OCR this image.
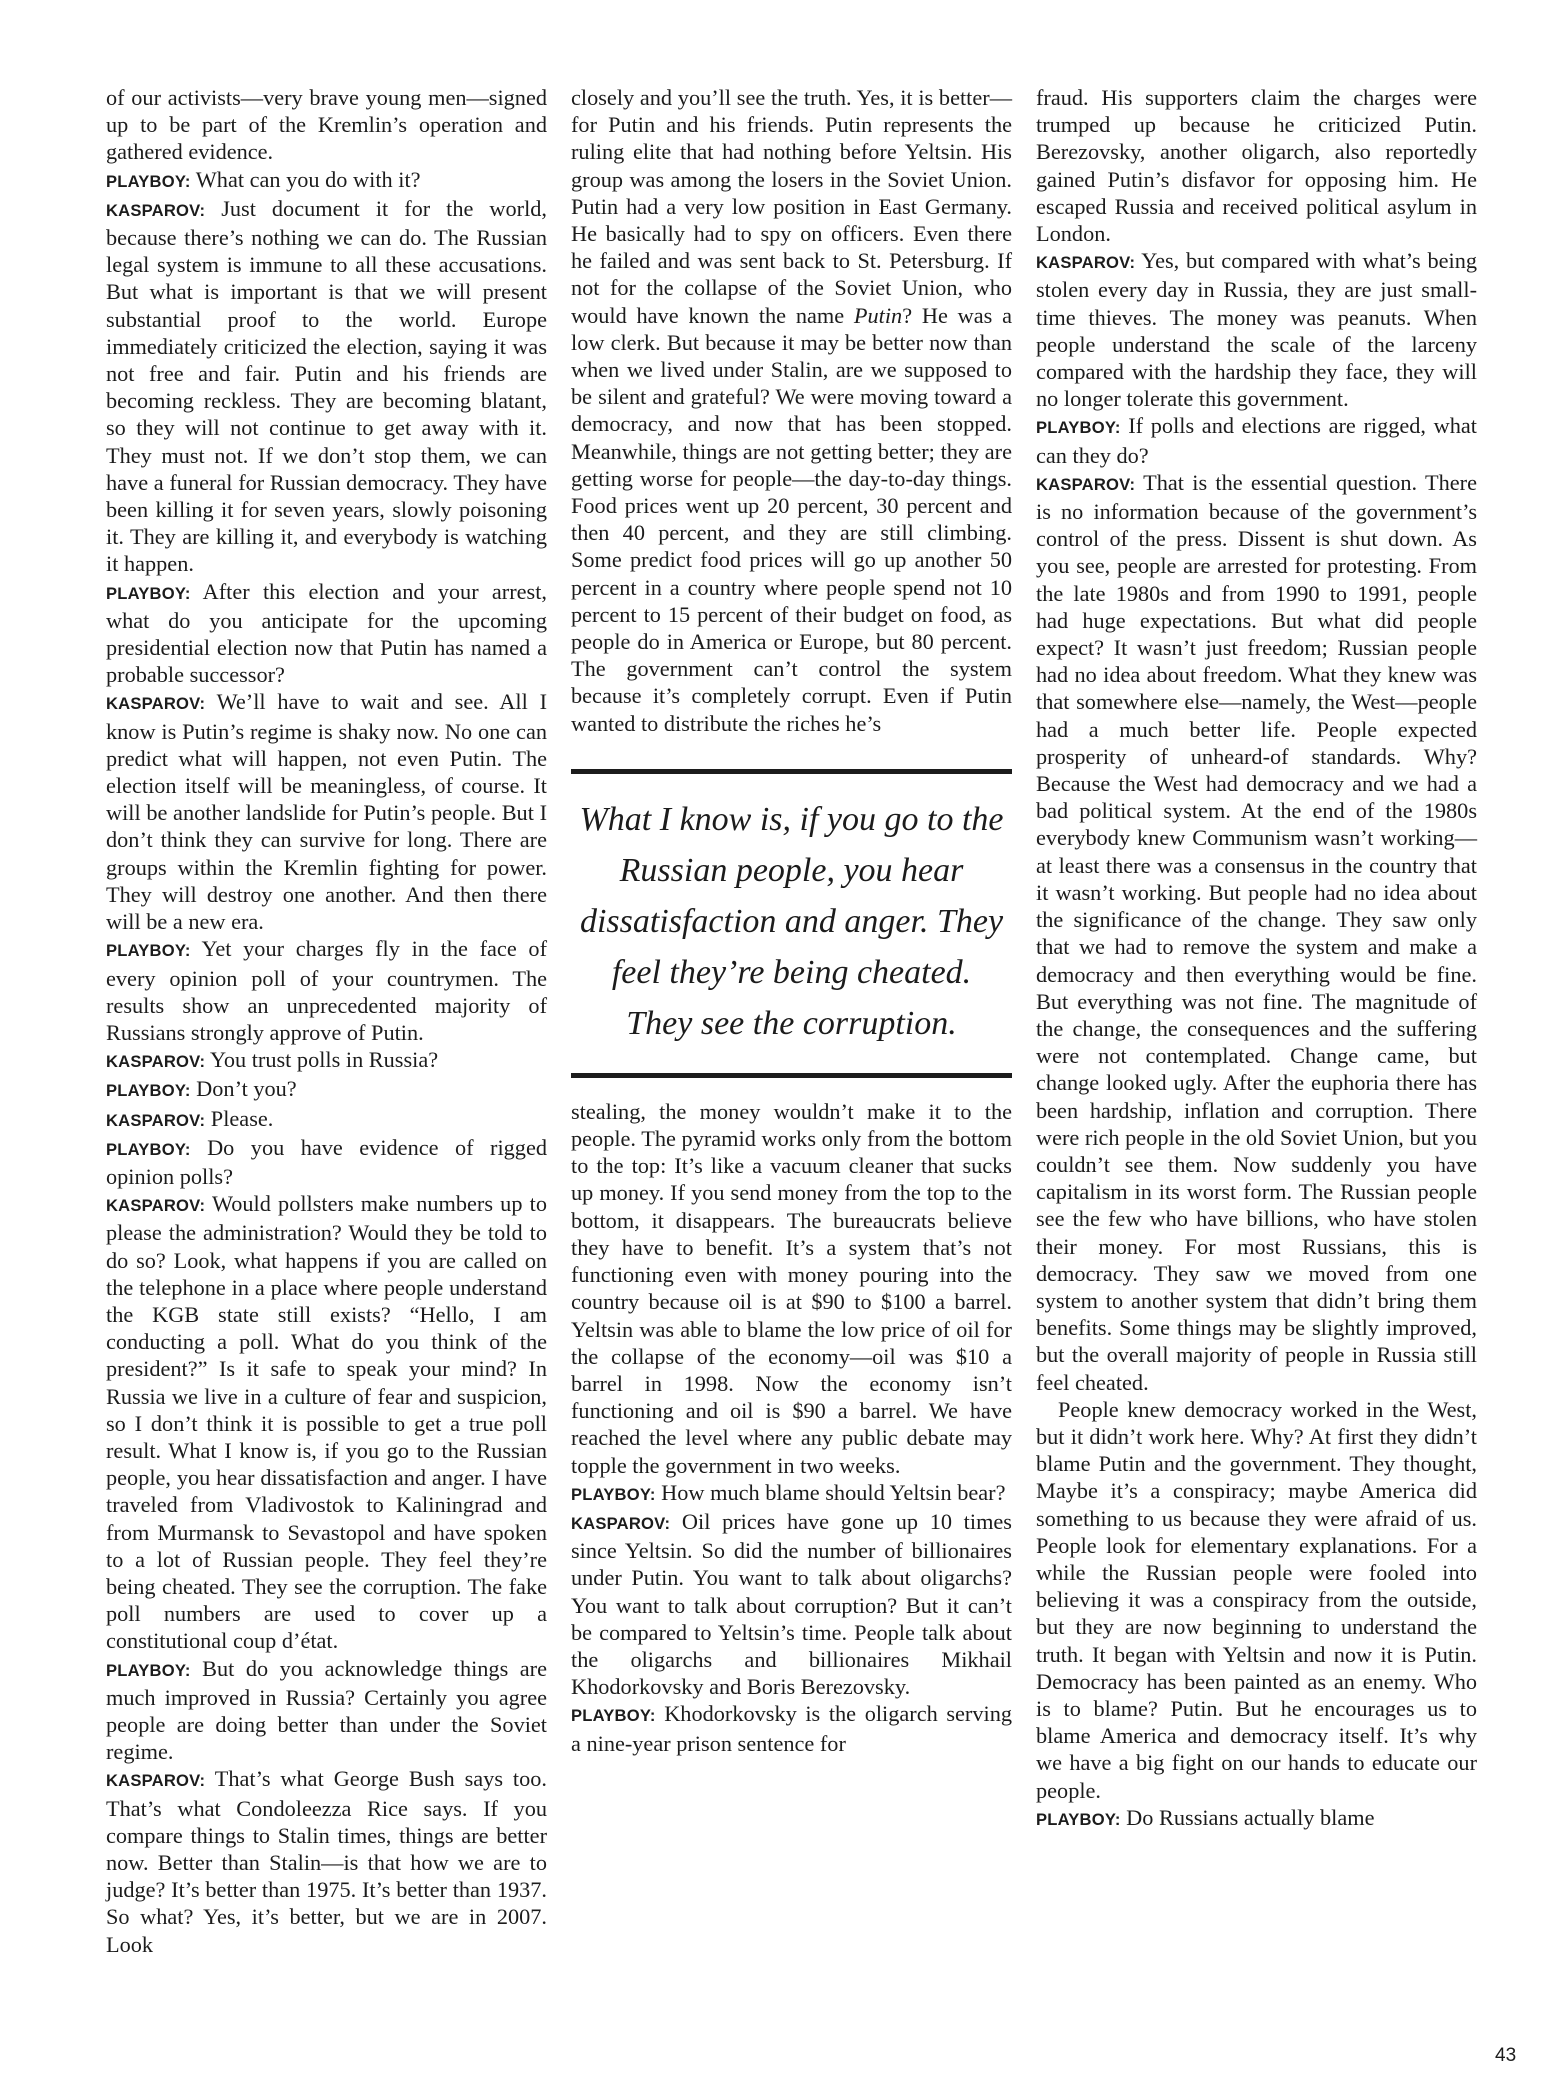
of our activists—very brave young men—signed up to be part of the Kremlin’s operation and gathered evidence.

PLAYBOY: What can you do with it?

KASPAROV: Just document it for the world, because there’s nothing we can do. The Russian legal system is immune to all these accusations. But what is important is that we will present substantial proof to the world. Europe immediately criticized the election, saying it was not free and fair. Putin and his friends are becoming reckless. They are becoming blatant, so they will not continue to get away with it. They must not. If we don’t stop them, we can have a funeral for Russian democracy. They have been killing it for seven years, slowly poisoning it. They are killing it, and everybody is watching it happen.

PLAYBOY: After this election and your arrest, what do you anticipate for the upcoming presidential election now that Putin has named a probable successor?

KASPAROV: We’ll have to wait and see. All I know is Putin’s regime is shaky now. No one can predict what will happen, not even Putin. The election itself will be meaningless, of course. It will be another landslide for Putin’s people. But I don’t think they can survive for long. There are groups within the Kremlin fighting for power. They will destroy one another. And then there will be a new era.

PLAYBOY: Yet your charges fly in the face of every opinion poll of your countrymen. The results show an unprecedented majority of Russians strongly approve of Putin.

KASPAROV: You trust polls in Russia?

PLAYBOY: Don’t you?

KASPAROV: Please.

PLAYBOY: Do you have evidence of rigged opinion polls?

KASPAROV: Would pollsters make numbers up to please the administration? Would they be told to do so? Look, what happens if you are called on the telephone in a place where people understand the KGB state still exists? “Hello, I am conducting a poll. What do you think of the president?” Is it safe to speak your mind? In Russia we live in a culture of fear and suspicion, so I don’t think it is possible to get a true poll result. What I know is, if you go to the Russian people, you hear dissatisfaction and anger. I have traveled from Vladivostok to Kaliningrad and from Murmansk to Sevastopol and have spoken to a lot of Russian people. They feel they’re being cheated. They see the corruption. The fake poll numbers are used to cover up a constitutional coup d’état.

PLAYBOY: But do you acknowledge things are much improved in Russia? Certainly you agree people are doing better than under the Soviet regime.

KASPAROV: That’s what George Bush says too. That’s what Condoleezza Rice says. If you compare things to Stalin times, things are better now. Better than Stalin—is that how we are to judge? It’s better than 1975. It’s better than 1937. So what? Yes, it’s better, but we are in 2007. Look

closely and you’ll see the truth. Yes, it is better—for Putin and his friends. Putin represents the ruling elite that had nothing before Yeltsin. His group was among the losers in the Soviet Union. Putin had a very low position in East Germany. He basically had to spy on officers. Even there he failed and was sent back to St. Petersburg. If not for the collapse of the Soviet Union, who would have known the name Putin? He was a low clerk. But because it may be better now than when we lived under Stalin, are we supposed to be silent and grateful? We were moving toward a democracy, and now that has been stopped. Meanwhile, things are not getting better; they are getting worse for people—the day-to-day things. Food prices went up 20 percent, 30 percent and then 40 percent, and they are still climbing. Some predict food prices will go up another 50 percent in a country where people spend not 10 percent to 15 percent of their budget on food, as people do in America or Europe, but 80 percent. The government can’t control the system because it’s completely corrupt. Even if Putin wanted to distribute the riches he’s

What I know is, if you go to the Russian people, you hear dissatisfaction and anger. They feel they’re being cheated. They see the corruption.

stealing, the money wouldn’t make it to the people. The pyramid works only from the bottom to the top: It’s like a vacuum cleaner that sucks up money. If you send money from the top to the bottom, it disappears. The bureaucrats believe they have to benefit. It’s a system that’s not functioning even with money pouring into the country because oil is at $90 to $100 a barrel. Yeltsin was able to blame the low price of oil for the collapse of the economy—oil was $10 a barrel in 1998. Now the economy isn’t functioning and oil is $90 a barrel. We have reached the level where any public debate may topple the government in two weeks.

PLAYBOY: How much blame should Yeltsin bear?

KASPAROV: Oil prices have gone up 10 times since Yeltsin. So did the number of billionaires under Putin. You want to talk about oligarchs? You want to talk about corruption? But it can’t be compared to Yeltsin’s time. People talk about the oligarchs and billionaires Mikhail Khodorkovsky and Boris Berezovsky.

PLAYBOY: Khodorkovsky is the oligarch serving a nine-year prison sentence for

fraud. His supporters claim the charges were trumped up because he criticized Putin. Berezovsky, another oligarch, also reportedly gained Putin’s disfavor for opposing him. He escaped Russia and received political asylum in London.

KASPAROV: Yes, but compared with what’s being stolen every day in Russia, they are just small-time thieves. The money was peanuts. When people understand the scale of the larceny compared with the hardship they face, they will no longer tolerate this government.

PLAYBOY: If polls and elections are rigged, what can they do?

KASPAROV: That is the essential question. There is no information because of the government’s control of the press. Dissent is shut down. As you see, people are arrested for protesting. From the late 1980s and from 1990 to 1991, people had huge expectations. But what did people expect? It wasn’t just freedom; Russian people had no idea about freedom. What they knew was that somewhere else—namely, the West—people had a much better life. People expected prosperity of unheard-of standards. Why? Because the West had democracy and we had a bad political system. At the end of the 1980s everybody knew Communism wasn’t working—at least there was a consensus in the country that it wasn’t working. But people had no idea about the significance of the change. They saw only that we had to remove the system and make a democracy and then everything would be fine. But everything was not fine. The magnitude of the change, the consequences and the suffering were not contemplated. Change came, but change looked ugly. After the euphoria there has been hardship, inflation and corruption. There were rich people in the old Soviet Union, but you couldn’t see them. Now suddenly you have capitalism in its worst form. The Russian people see the few who have billions, who have stolen their money. For most Russians, this is democracy. They saw we moved from one system to another system that didn’t bring them benefits. Some things may be slightly improved, but the overall majority of people in Russia still feel cheated.

People knew democracy worked in the West, but it didn’t work here. Why? At first they didn’t blame Putin and the government. They thought, Maybe it’s a conspiracy; maybe America did something to us because they were afraid of us. People look for elementary explanations. For a while the Russian people were fooled into believing it was a conspiracy from the outside, but they are now beginning to understand the truth. It began with Yeltsin and now it is Putin. Democracy has been painted as an enemy. Who is to blame? Putin. But he encourages us to blame America and democracy itself. It’s why we have a big fight on our hands to educate our people.

PLAYBOY: Do Russians actually blame

43
